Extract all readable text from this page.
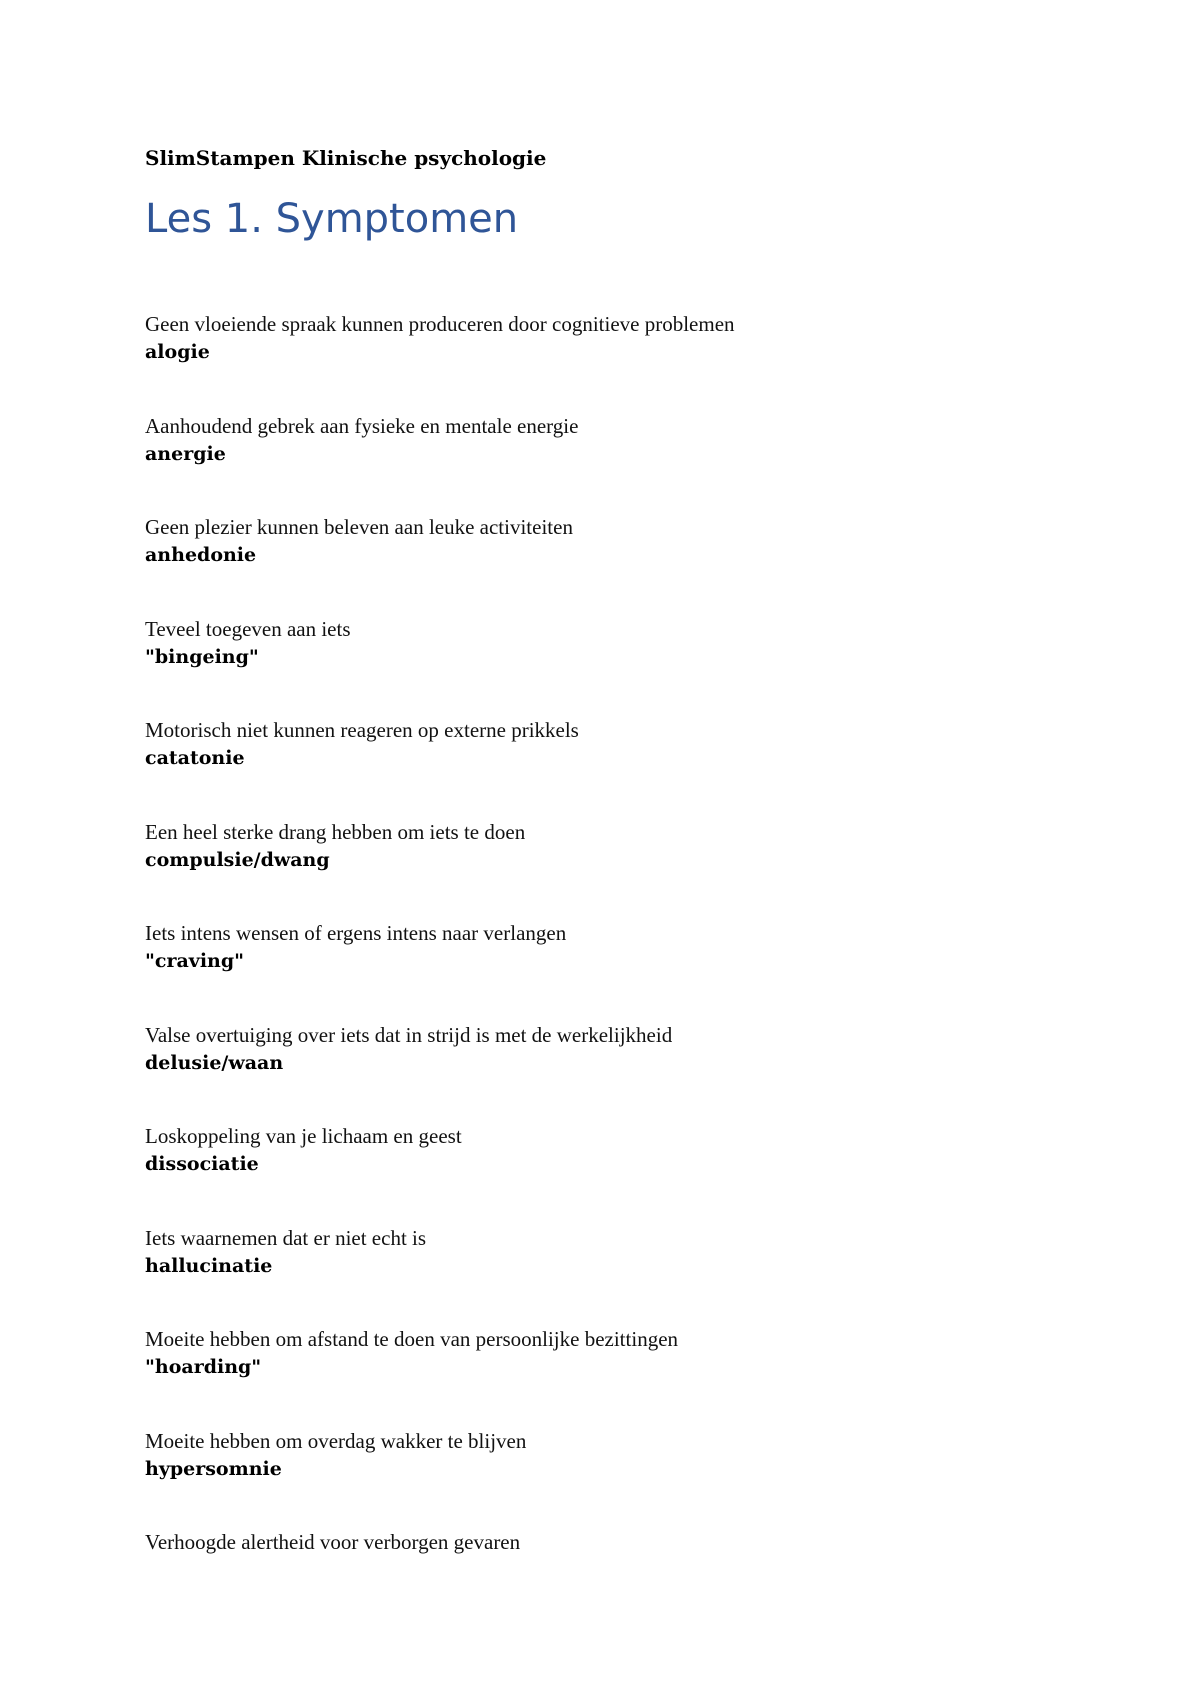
SlimStampen Klinische psychologie
Les 1. Symptomen
Geen vloeiende spraak kunnen produceren door cognitieve problemen
alogie
Aanhoudend gebrek aan fysieke en mentale energie
anergie
Geen plezier kunnen beleven aan leuke activiteiten
anhedonie
Teveel toegeven aan iets
"bingeing"
Motorisch niet kunnen reageren op externe prikkels
catatonie
Een heel sterke drang hebben om iets te doen
compulsie/dwang
Iets intens wensen of ergens intens naar verlangen
"craving"
Valse overtuiging over iets dat in strijd is met de werkelijkheid
delusie/waan
Loskoppeling van je lichaam en geest
dissociatie
Iets waarnemen dat er niet echt is
hallucinatie
Moeite hebben om afstand te doen van persoonlijke bezittingen
"hoarding"
Moeite hebben om overdag wakker te blijven
hypersomnie
Verhoogde alertheid voor verborgen gevaren
